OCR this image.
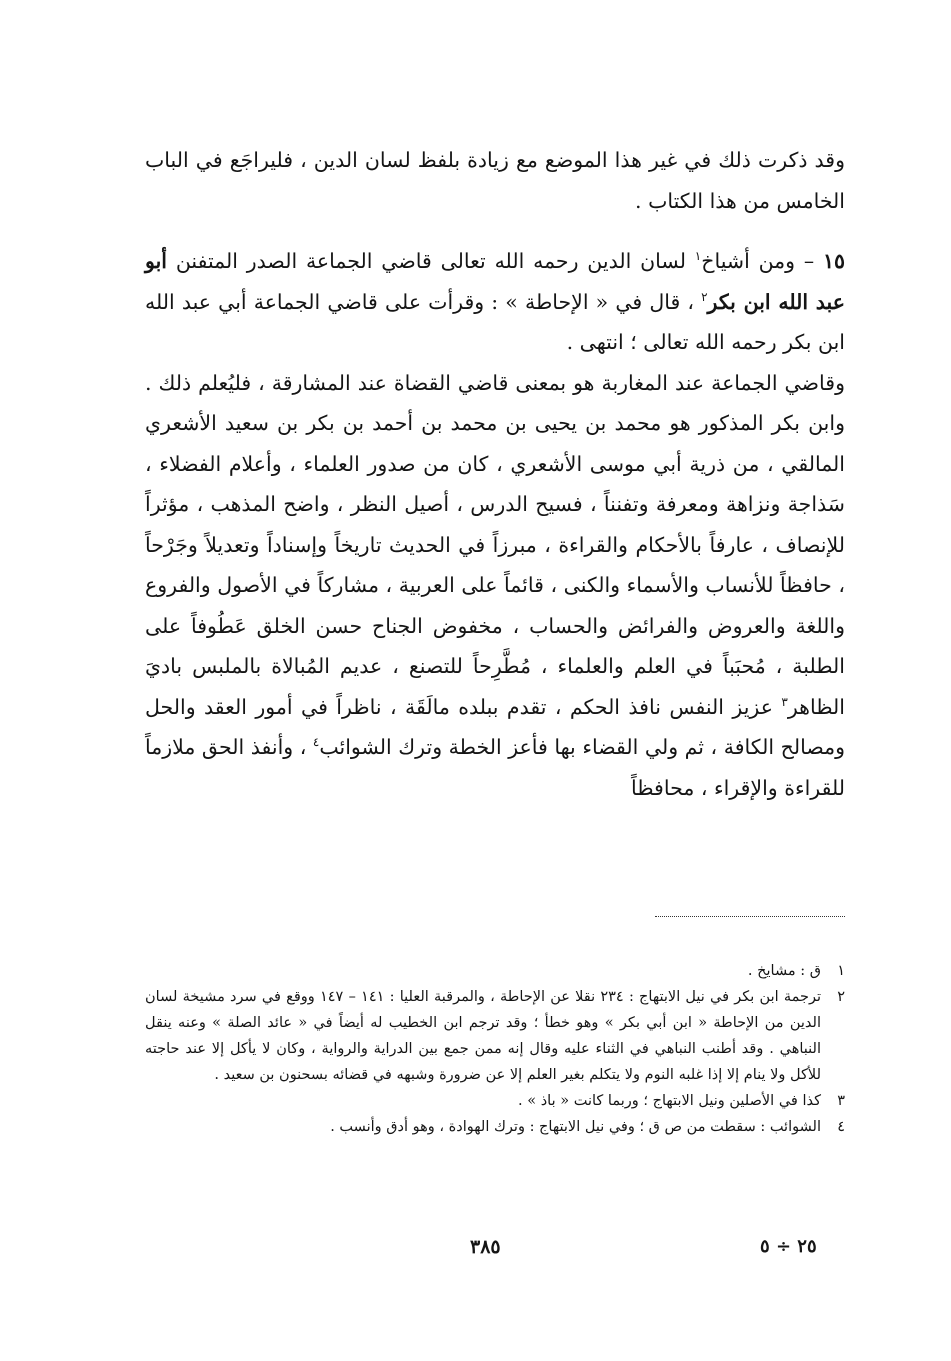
وقد ذكرت ذلك في غير هذا الموضع مع زيادة بلفظ لسان الدين ، فليراجَع في الباب الخامس من هذا الكتاب .

١٥ – ومن أشياخ$^١$ لسان الدين رحمه الله تعالى قاضي الجماعة الصدر المتفنن أبو عبد الله ابن بكر$^٢$ ، قال في « الإحاطة » : وقرأت على قاضي الجماعة أبي عبد الله ابن بكر رحمه الله تعالى ؛ انتهى .

وقاضي الجماعة عند المغاربة هو بمعنى قاضي القضاة عند المشارقة ، فليُعلم ذلك . وابن بكر المذكور هو محمد بن يحيى بن محمد بن أحمد بن بكر بن سعيد الأشعري المالقي ، من ذرية أبي موسى الأشعري ، كان من صدور العلماء ، وأعلام الفضلاء ، سَذاجة ونزاهة ومعرفة وتفنناً ، فسيح الدرس ، أصيل النظر ، واضح المذهب ، مؤثراً للإنصاف ، عارفاً بالأحكام والقراءة ، مبرزاً في الحديث تاريخاً وإسناداً وتعديلاً وجَرْحاً ، حافظاً للأنساب والأسماء والكنى ، قائماً على العربية ، مشاركاً في الأصول والفروع واللغة والعروض والفرائض والحساب ، مخفوض الجناح حسن الخلق عَطُوفاً على الطلبة ، مُحبَباً في العلم والعلماء ، مُطَّرِحاً للتصنع ، عديم المُبالاة بالملبس باديَ الظاهر$^٣$ عزيز النفس نافذ الحكم ، تقدم ببلده مالَقَة ، ناظراً في أمور العقد والحل ومصالح الكافة ، ثم ولي القضاء بها فأعز الخطة وترك الشوائب$^٤$ ، وأنفذ الحق ملازماً للقراءة والإقراء ، محافظاً

١
ق : مشايخ .
٢
ترجمة ابن بكر في نيل الابتهاج : ٢٣٤ نقلا عن الإحاطة ، والمرقبة العليا : ١٤١ – ١٤٧ ووقع في سرد مشيخة لسان الدين من الإحاطة « ابن أبي بكر » وهو خطأ ؛ وقد ترجم ابن الخطيب له أيضاً في « عائد الصلة » وعنه ينقل النباهي . وقد أطنب النباهي في الثناء عليه وقال إنه ممن جمع بين الدراية والرواية ، وكان لا يأكل إلا عند حاجته للأكل ولا ينام إلا إذا غلبه النوم ولا يتكلم بغير العلم إلا عن ضرورة وشبهه في قضائه بسحنون بن سعيد .
٣
كذا في الأصلين ونيل الابتهاج ؛ وربما كانت « باذ » .
٤
الشوائب : سقطت من ص ق ؛ وفي نيل الابتهاج : وترك الهوادة ، وهو أدق وأنسب .
٢٥ ÷ ٥
٣٨٥
